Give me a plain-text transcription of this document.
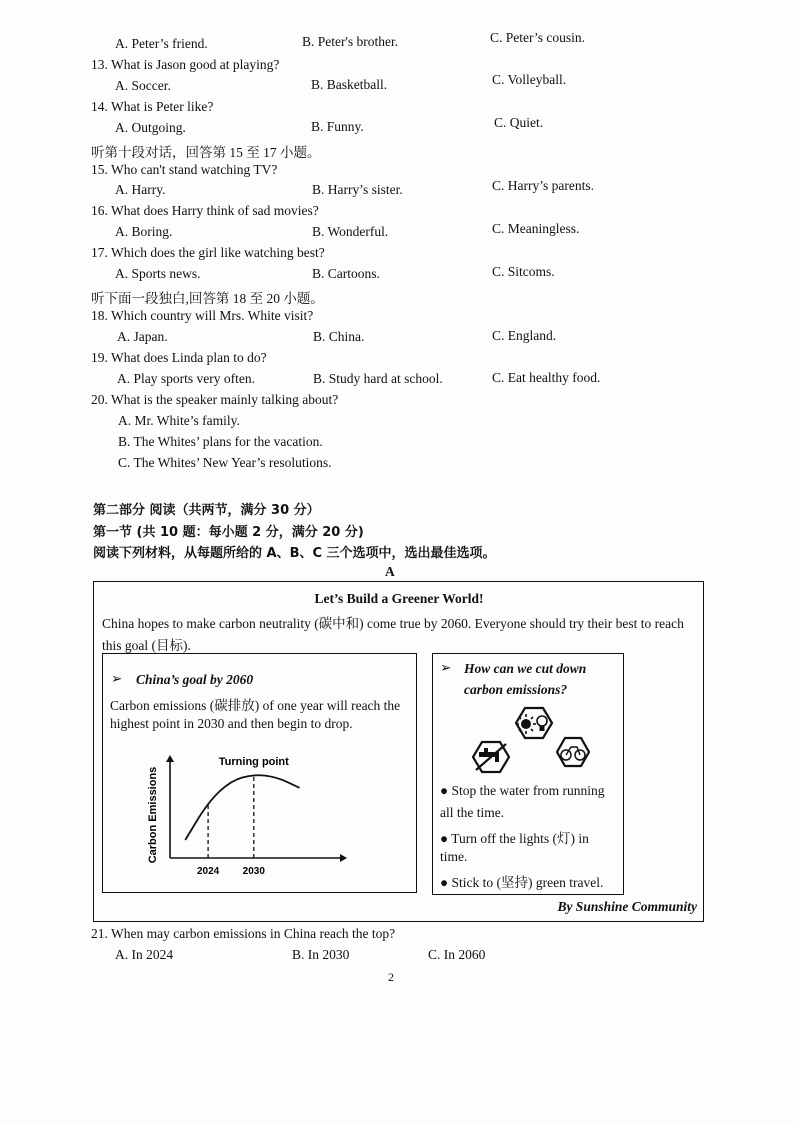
A. Peter’s friend.	B. Peter's brother.	C. Peter’s cousin.
13. What is Jason good at playing?
A. Soccer.	B. Basketball.	C. Volleyball.
14. What is Peter like?
A. Outgoing.	B. Funny.	C. Quiet.
听第十段对话，回答第 15 至 17 小题。
15. Who can't stand watching TV?
A. Harry.	B. Harry’s sister.	C. Harry’s parents.
16. What does Harry think of sad movies?
A. Boring.	B. Wonderful.	C. Meaningless.
17. Which does the girl like watching best?
A. Sports news.	B. Cartoons.	C. Sitcoms.
听下面一段独白,回答第 18 至 20 小题。
18. Which country will Mrs. White visit?
A. Japan.	B. China.	C. England.
19. What does Linda plan to do?
A. Play sports very often.	B. Study hard at school.	C. Eat healthy food.
20. What is the speaker mainly talking about?
A. Mr. White’s family.
B. The Whites’ plans for the vacation.
C. The Whites’ New Year’s resolutions.
第二部分 阅读（共两节，满分 30 分）
第一节 (共 10 题：每小题 2 分，满分 20 分)
阅读下列材料，从每题所给的 A、B、C 三个选项中，选出最佳选项。
A
Let’s Build a Greener World!
China hopes to make carbon neutrality (碳中和) come true by 2060. Everyone should try their best to reach
this goal (目标).
➢ China’s goal by 2060
Carbon emissions (碳排放) of one year will reach the
highest point in 2030 and then begin to drop.
2024 2030
Turning point
Carbon Emissions
➢ How can we cut down
carbon emissions?
● Stop the water from running
all the time.
● Turn off the lights (灯) in
time.
● Stick to (坚持) green travel.
By Sunshine Community
21. When may carbon emissions in China reach the top?
A. In 2024	B. In 2030	C. In 2060
2
